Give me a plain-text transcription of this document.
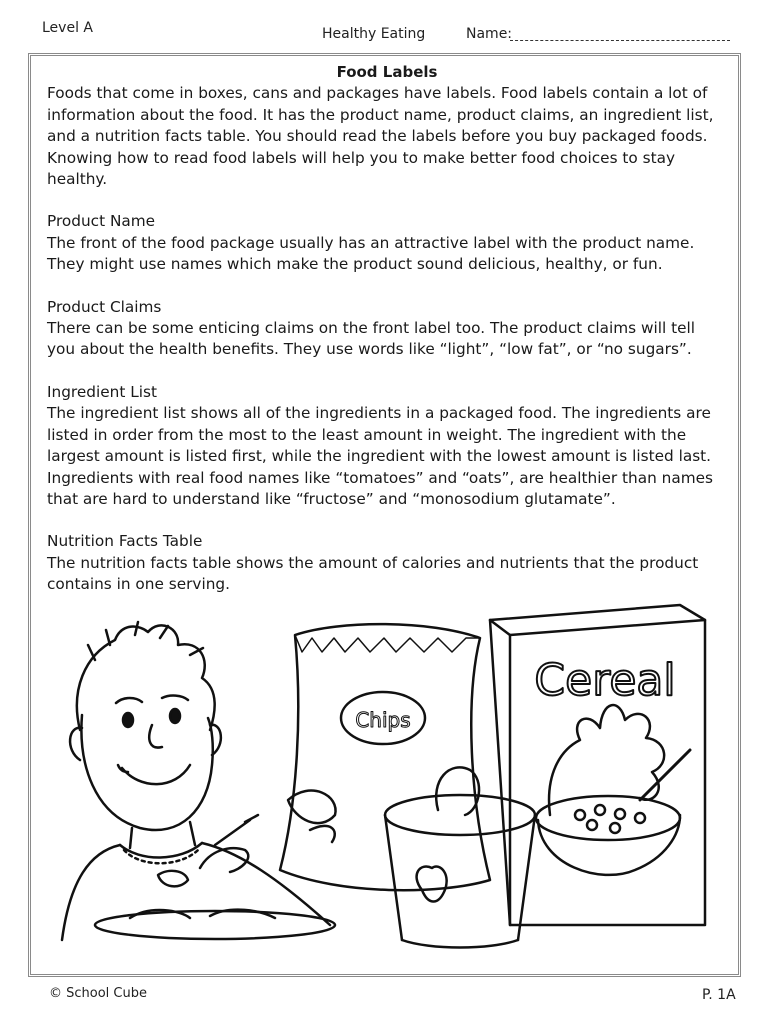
Level A	Healthy Eating	Name:
Food Labels

Foods that come in boxes, cans and packages have labels. Food labels contain a lot of information about the food. It has the product name, product claims, an ingredient list, and a nutrition facts table. You should read the labels before you buy packaged foods. Knowing how to read food labels will help you to make better food choices to stay healthy.

Product Name

The front of the food package usually has an attractive label with the product name. They might use names which make the product sound delicious, healthy, or fun.

Product Claims

There can be some enticing claims on the front label too. The product claims will tell you about the health benefits. They use words like “light”, “low fat”, or “no sugars”.

Ingredient List

The ingredient list shows all of the ingredients in a packaged food. The ingredients are listed in order from the most to the least amount in weight. The ingredient with the largest amount is listed first, while the ingredient with the lowest amount is listed last. Ingredients with real food names like “tomatoes” and “oats”, are healthier than names that are hard to understand like “fructose” and “monosodium glutamate”.

Nutrition Facts Table

The nutrition facts table shows the amount of calories and nutrients that the product contains in one serving.

Chips
Cereal
© School Cube	P. 1A
